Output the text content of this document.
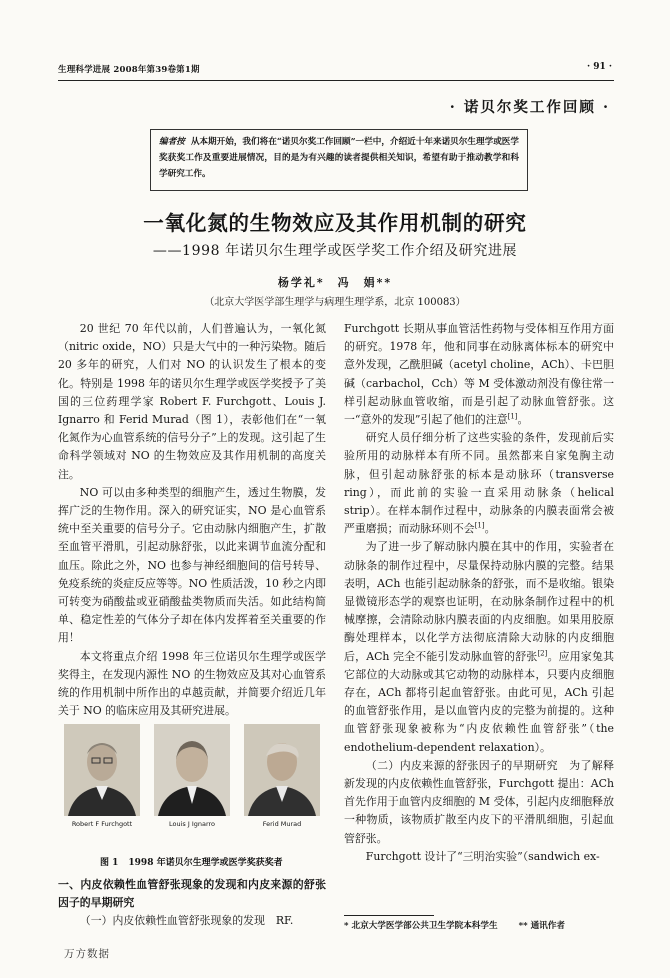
生理科学进展 2008年第39卷第1期	· 91 ·
· 诺贝尔奖工作回顾 ·
编者按 从本期开始，我们将在“诺贝尔奖工作回顾”一栏中，介绍近十年来诺贝尔生理学或医学奖获奖工作及重要进展情况，目的是为有兴趣的读者提供相关知识，希望有助于推动教学和科学研究工作。
一氧化氮的生物效应及其作用机制的研究
——1998 年诺贝尔生理学或医学奖工作介绍及研究进展
杨学礼*　冯　娟**
（北京大学医学部生理学与病理生理学系，北京 100083）

20 世纪 70 年代以前，人们普遍认为，一氧化氮（nitric oxide，NO）只是大气中的一种污染物。随后 20 多年的研究，人们对 NO 的认识发生了根本的变化。特别是 1998 年的诺贝尔生理学或医学奖授予了美国的三位药理学家 Robert F. Furchgott、Louis J. Ignarro 和 Ferid Murad（图 1），表彰他们在“一氧化氮作为心血管系统的信号分子”上的发现。这引起了生命科学领域对 NO 的生物效应及其作用机制的高度关注。

NO 可以由多种类型的细胞产生，透过生物膜，发挥广泛的生物作用。深入的研究证实，NO 是心血管系统中至关重要的信号分子。它由动脉内细胞产生，扩散至血管平滑肌，引起动脉舒张，以此来调节血流分配和血压。除此之外，NO 也参与神经细胞间的信号转导、免疫系统的炎症反应等等。NO 性质活泼，10 秒之内即可转变为硝酸盐或亚硝酸盐类物质而失活。如此结构简单、稳定性差的气体分子却在体内发挥着至关重要的作用！

本文将重点介绍 1998 年三位诺贝尔生理学或医学奖得主，在发现内源性 NO 的生物效应及其对心血管系统的作用机制中所作出的卓越贡献，并简要介绍近几年关于 NO 的临床应用及其研究进展。

Robert F Furchgott	Louis J Ignarro	Ferid Murad
图 1 1998 年诺贝尔生理学或医学奖获奖者

一、内皮依赖性血管舒张现象的发现和内皮来源的舒张因子的早期研究

（一）内皮依赖性血管舒张现象的发现　RF.

Furchgott 长期从事血管活性药物与受体相互作用方面的研究。1978 年，他和同事在动脉离体标本的研究中意外发现，乙酰胆碱（acetyl choline，ACh）、卡巴胆碱（carbachol，Cch）等 M 受体激动剂没有像往常一样引起动脉血管收缩，而是引起了动脉血管舒张。这一“意外的发现”引起了他们的注意[1]。

研究人员仔细分析了这些实验的条件，发现前后实验所用的动脉样本有所不同。虽然都来自家兔胸主动脉，但引起动脉舒张的标本是动脉环（transverse ring），而此前的实验一直采用动脉条（helical strip）。在样本制作过程中，动脉条的内膜表面常会被严重磨损；而动脉环则不会[1]。

为了进一步了解动脉内膜在其中的作用，实验者在动脉条的制作过程中，尽量保持动脉内膜的完整。结果表明，ACh 也能引起动脉条的舒张，而不是收缩。银染显微镜形态学的观察也证明，在动脉条制作过程中的机械摩擦，会清除动脉内膜表面的内皮细胞。如果用胶原酶处理样本，以化学方法彻底清除大动脉的内皮细胞后，ACh 完全不能引发动脉血管的舒张[2]。应用家兔其它部位的大动脉或其它动物的动脉样本，只要内皮细胞存在，ACh 都将引起血管舒张。由此可见，ACh 引起的血管舒张作用，是以血管内皮的完整为前提的。这种血管舒张现象被称为“内皮依赖性血管舒张”（the endothelium-dependent relaxation）。

（二）内皮来源的舒张因子的早期研究　 为了解释新发现的内皮依赖性血管舒张，Furchgott 提出：ACh 首先作用于血管内皮细胞的 M 受体，引起内皮细胞释放一种物质，该物质扩散至内皮下的平滑肌细胞，引起血管舒张。

Furchgott 设计了“三明治实验”（sandwich ex-

* 北京大学医学部公共卫生学院本科学生 ** 通讯作者
万方数据
